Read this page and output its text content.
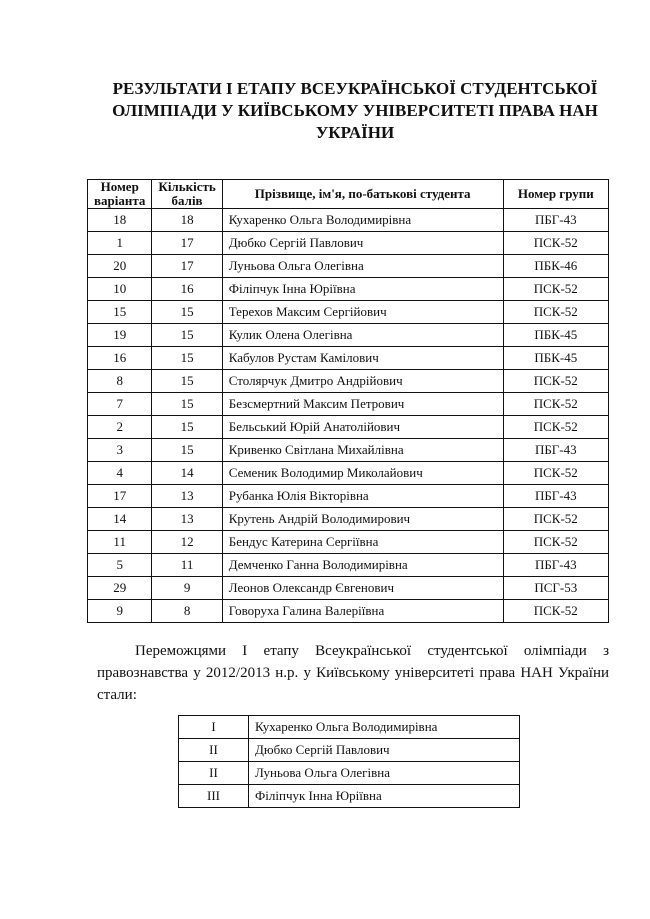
РЕЗУЛЬТАТИ І ЕТАПУ ВСЕУКРАЇНСЬКОЇ СТУДЕНТСЬКОЇ
ОЛІМПІАДИ У КИЇВСЬКОМУ УНІВЕРСИТЕТІ ПРАВА НАН
УКРАЇНИ
Номер варіанта	Кількість балів	Прізвище, ім'я, по-батькові студента	Номер групи
18	18	Кухаренко Ольга Володимирівна	ПБГ-43
1	17	Дюбко Сергій Павлович	ПСК-52
20	17	Луньова Ольга Олегівна	ПБК-46
10	16	Філіпчук Інна Юріївна	ПСК-52
15	15	Терехов Максим Сергійович	ПСК-52
19	15	Кулик Олена Олегівна	ПБК-45
16	15	Кабулов Рустам Камілович	ПБК-45
8	15	Столярчук Дмитро Андрійович	ПСК-52
7	15	Безсмертний Максим Петрович	ПСК-52
2	15	Бельський Юрій Анатолійович	ПСК-52
3	15	Кривенко Світлана Михайлівна	ПБГ-43
4	14	Семеник Володимир Миколайович	ПСК-52
17	13	Рубанка Юлія Вікторівна	ПБГ-43
14	13	Крутень Андрій Володимирович	ПСК-52
11	12	Бендус Катерина Сергіївна	ПСК-52
5	11	Демченко Ганна Володимирівна	ПБГ-43
29	9	Леонов Олександр Євгенович	ПСГ-53
9	8	Говоруха Галина Валеріївна	ПСК-52
Переможцями І етапу Всеукраїнської студентської олімпіади з правознавства у 2012/2013 н.р. у Київському університеті права НАН України стали:
I	Кухаренко Ольга Володимирівна
II	Дюбко Сергій Павлович
II	Луньова Ольга Олегівна
III	Філіпчук Інна Юріївна
